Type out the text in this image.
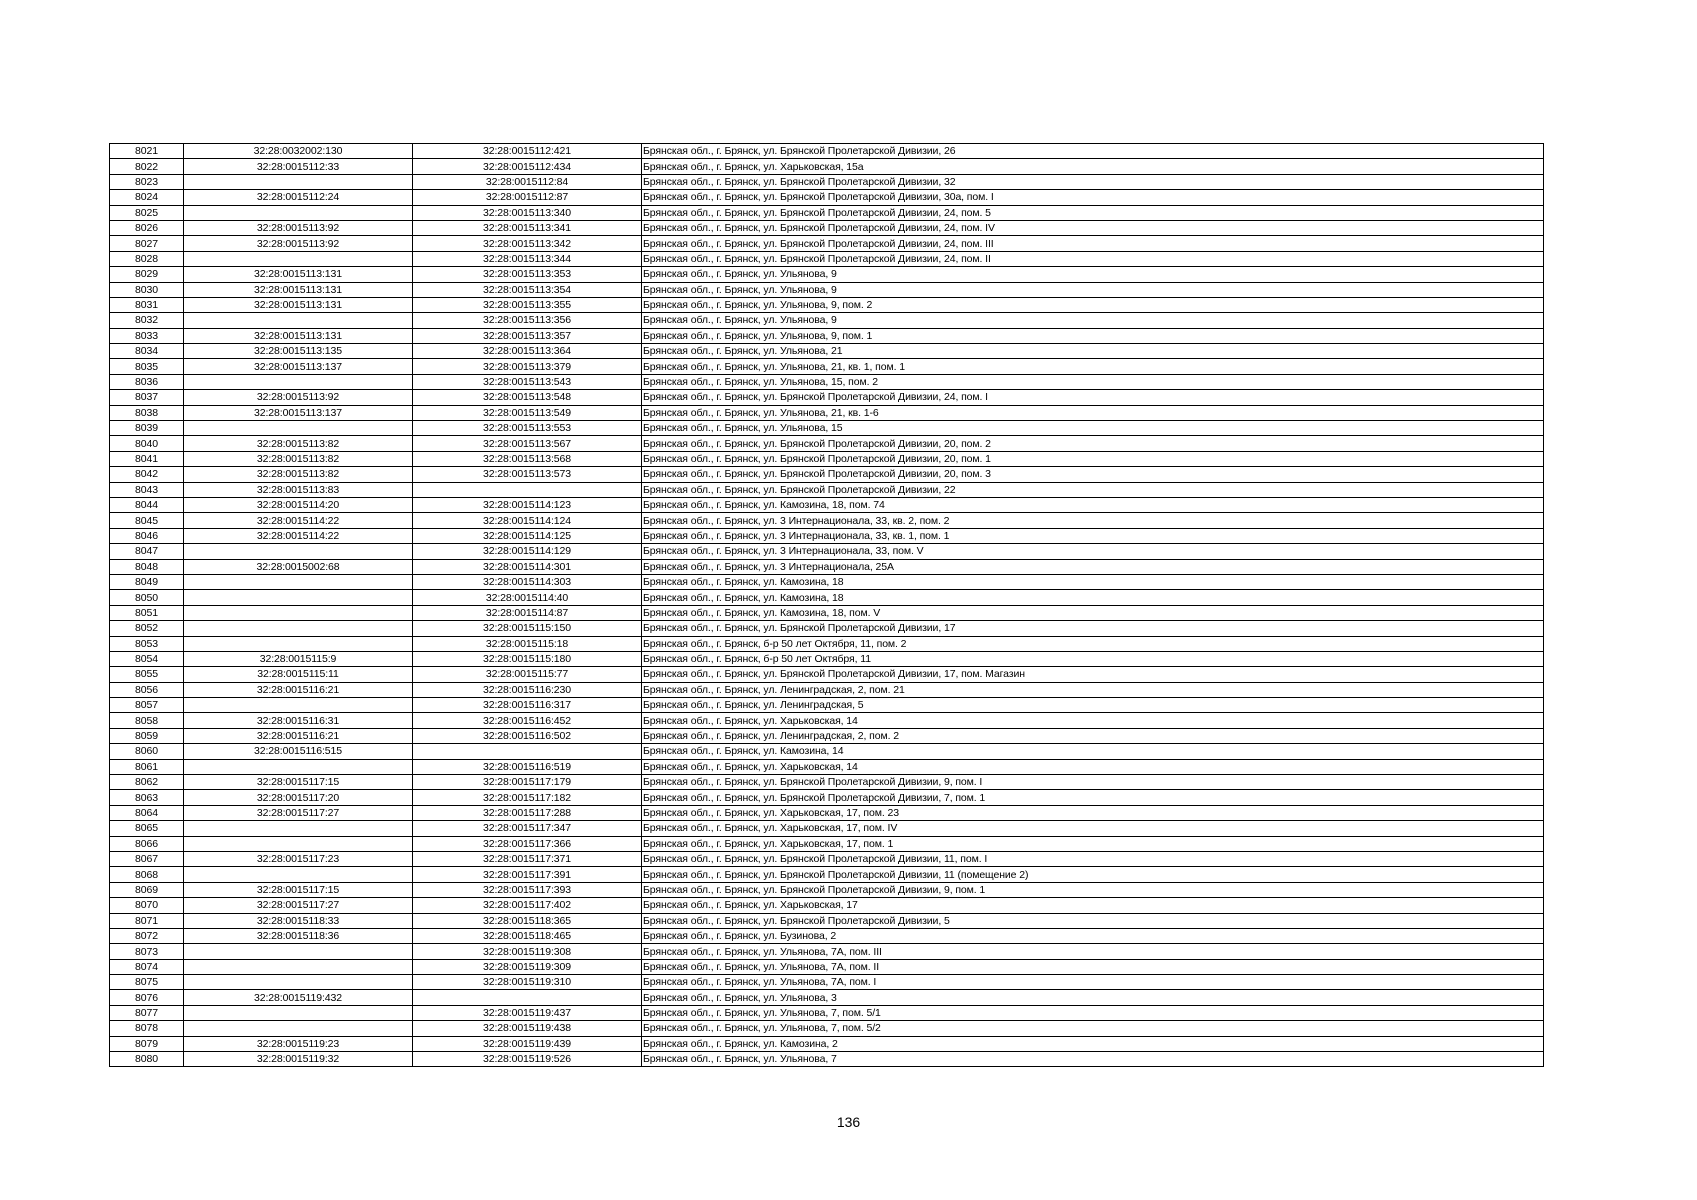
8021	32:28:0032002:130	32:28:0015112:421	Брянская обл., г. Брянск, ул. Брянской Пролетарской Дивизии, 26
8022	32:28:0015112:33	32:28:0015112:434	Брянская обл., г. Брянск, ул. Харьковская, 15а
8023		32:28:0015112:84	Брянская обл., г. Брянск, ул. Брянской Пролетарской Дивизии, 32
8024	32:28:0015112:24	32:28:0015112:87	Брянская обл., г. Брянск, ул. Брянской Пролетарской Дивизии, 30а, пом. I
8025		32:28:0015113:340	Брянская обл., г. Брянск, ул. Брянской Пролетарской Дивизии, 24, пом. 5
8026	32:28:0015113:92	32:28:0015113:341	Брянская обл., г. Брянск, ул. Брянской Пролетарской Дивизии, 24, пом. IV
8027	32:28:0015113:92	32:28:0015113:342	Брянская обл., г. Брянск, ул. Брянской Пролетарской Дивизии, 24, пом. III
8028		32:28:0015113:344	Брянская обл., г. Брянск, ул. Брянской Пролетарской Дивизии, 24, пом. II
8029	32:28:0015113:131	32:28:0015113:353	Брянская обл., г. Брянск, ул. Ульянова, 9
8030	32:28:0015113:131	32:28:0015113:354	Брянская обл., г. Брянск, ул. Ульянова, 9
8031	32:28:0015113:131	32:28:0015113:355	Брянская обл., г. Брянск, ул. Ульянова, 9, пом. 2
8032		32:28:0015113:356	Брянская обл., г. Брянск, ул. Ульянова, 9
8033	32:28:0015113:131	32:28:0015113:357	Брянская обл., г. Брянск, ул. Ульянова, 9, пом. 1
8034	32:28:0015113:135	32:28:0015113:364	Брянская обл., г. Брянск, ул. Ульянова, 21
8035	32:28:0015113:137	32:28:0015113:379	Брянская обл., г. Брянск, ул. Ульянова, 21, кв. 1, пом. 1
8036		32:28:0015113:543	Брянская обл., г. Брянск, ул. Ульянова, 15, пом. 2
8037	32:28:0015113:92	32:28:0015113:548	Брянская обл., г. Брянск, ул. Брянской Пролетарской Дивизии, 24, пом. I
8038	32:28:0015113:137	32:28:0015113:549	Брянская обл., г. Брянск, ул. Ульянова, 21, кв. 1-6
8039		32:28:0015113:553	Брянская обл., г. Брянск, ул. Ульянова, 15
8040	32:28:0015113:82	32:28:0015113:567	Брянская обл., г. Брянск, ул. Брянской Пролетарской Дивизии, 20, пом. 2
8041	32:28:0015113:82	32:28:0015113:568	Брянская обл., г. Брянск, ул. Брянской Пролетарской Дивизии, 20, пом. 1
8042	32:28:0015113:82	32:28:0015113:573	Брянская обл., г. Брянск, ул. Брянской Пролетарской Дивизии, 20, пом. 3
8043	32:28:0015113:83		Брянская обл., г. Брянск, ул. Брянской Пролетарской Дивизии, 22
8044	32:28:0015114:20	32:28:0015114:123	Брянская обл., г. Брянск, ул. Камозина, 18, пом. 74
8045	32:28:0015114:22	32:28:0015114:124	Брянская обл., г. Брянск, ул. 3 Интернационала, 33, кв. 2, пом. 2
8046	32:28:0015114:22	32:28:0015114:125	Брянская обл., г. Брянск, ул. 3 Интернационала, 33, кв. 1, пом. 1
8047		32:28:0015114:129	Брянская обл., г. Брянск, ул. 3 Интернационала, 33, пом. V
8048	32:28:0015002:68	32:28:0015114:301	Брянская обл., г. Брянск, ул. 3 Интернационала, 25А
8049		32:28:0015114:303	Брянская обл., г. Брянск, ул. Камозина, 18
8050		32:28:0015114:40	Брянская обл., г. Брянск, ул. Камозина, 18
8051		32:28:0015114:87	Брянская обл., г. Брянск, ул. Камозина, 18, пом. V
8052		32:28:0015115:150	Брянская обл., г. Брянск, ул. Брянской Пролетарской Дивизии, 17
8053		32:28:0015115:18	Брянская обл., г. Брянск, б-р 50 лет Октября, 11, пом. 2
8054	32:28:0015115:9	32:28:0015115:180	Брянская обл., г. Брянск, б-р 50 лет Октября, 11
8055	32:28:0015115:11	32:28:0015115:77	Брянская обл., г. Брянск, ул. Брянской Пролетарской Дивизии, 17, пом. Магазин
8056	32:28:0015116:21	32:28:0015116:230	Брянская обл., г. Брянск, ул. Ленинградская, 2, пом. 21
8057		32:28:0015116:317	Брянская обл., г. Брянск, ул. Ленинградская, 5
8058	32:28:0015116:31	32:28:0015116:452	Брянская обл., г. Брянск, ул. Харьковская, 14
8059	32:28:0015116:21	32:28:0015116:502	Брянская обл., г. Брянск, ул. Ленинградская, 2, пом. 2
8060	32:28:0015116:515		Брянская обл., г. Брянск, ул. Камозина, 14
8061		32:28:0015116:519	Брянская обл., г. Брянск, ул. Харьковская, 14
8062	32:28:0015117:15	32:28:0015117:179	Брянская обл., г. Брянск, ул. Брянской Пролетарской Дивизии, 9, пом. I
8063	32:28:0015117:20	32:28:0015117:182	Брянская обл., г. Брянск, ул. Брянской Пролетарской Дивизии, 7, пом. 1
8064	32:28:0015117:27	32:28:0015117:288	Брянская обл., г. Брянск, ул. Харьковская, 17, пом. 23
8065		32:28:0015117:347	Брянская обл., г. Брянск, ул. Харьковская, 17, пом. IV
8066		32:28:0015117:366	Брянская обл., г. Брянск, ул. Харьковская, 17, пом. 1
8067	32:28:0015117:23	32:28:0015117:371	Брянская обл., г. Брянск, ул. Брянской Пролетарской Дивизии, 11, пом. I
8068		32:28:0015117:391	Брянская обл., г. Брянск, ул. Брянской Пролетарской Дивизии, 11 (помещение 2)
8069	32:28:0015117:15	32:28:0015117:393	Брянская обл., г. Брянск, ул. Брянской Пролетарской Дивизии, 9, пом. 1
8070	32:28:0015117:27	32:28:0015117:402	Брянская обл., г. Брянск, ул. Харьковская, 17
8071	32:28:0015118:33	32:28:0015118:365	Брянская обл., г. Брянск, ул. Брянской Пролетарской Дивизии, 5
8072	32:28:0015118:36	32:28:0015118:465	Брянская обл., г. Брянск, ул. Бузинова, 2
8073		32:28:0015119:308	Брянская обл., г. Брянск, ул. Ульянова, 7А, пом. III
8074		32:28:0015119:309	Брянская обл., г. Брянск, ул. Ульянова, 7А, пом. II
8075		32:28:0015119:310	Брянская обл., г. Брянск, ул. Ульянова, 7А, пом. I
8076	32:28:0015119:432		Брянская обл., г. Брянск, ул. Ульянова, 3
8077		32:28:0015119:437	Брянская обл., г. Брянск, ул. Ульянова, 7, пом. 5/1
8078		32:28:0015119:438	Брянская обл., г. Брянск, ул. Ульянова, 7, пом. 5/2
8079	32:28:0015119:23	32:28:0015119:439	Брянская обл., г. Брянск, ул. Камозина, 2
8080	32:28:0015119:32	32:28:0015119:526	Брянская обл., г. Брянск, ул. Ульянова, 7
136
